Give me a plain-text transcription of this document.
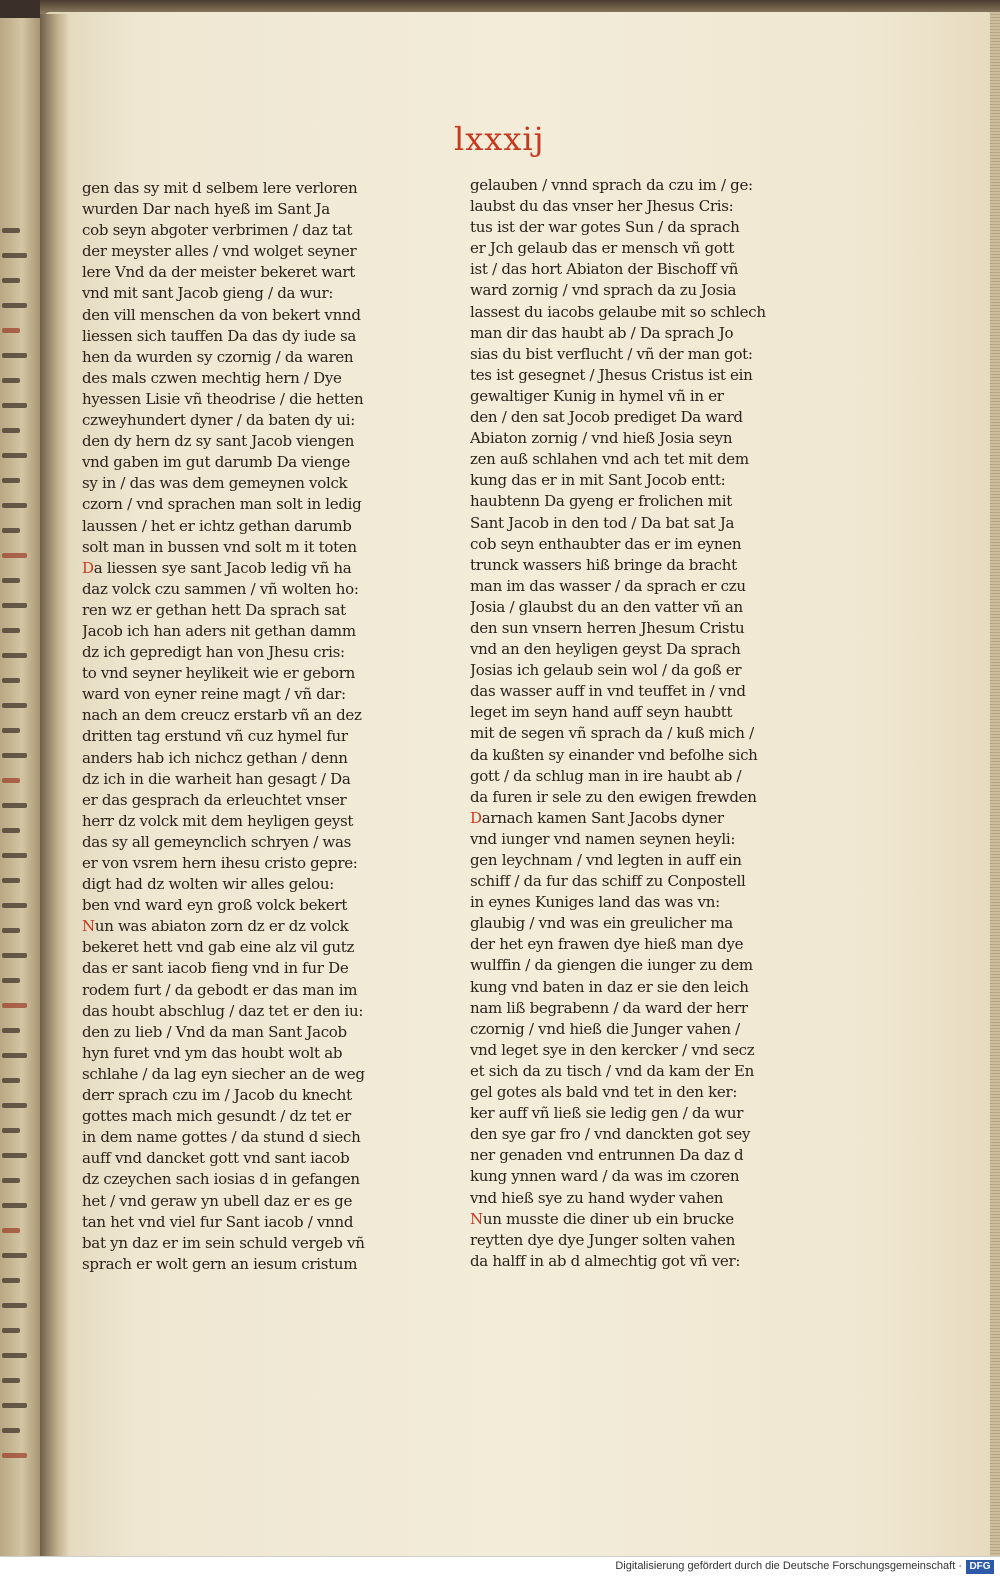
lxxxij
gen das sy mit d selbem lere verloren
wurden Dar nach hyeß im Sant Ja
cob seyn abgoter verbrimen / daz tat
der meyster alles / vnd wolget seyner
lere Vnd da der meister bekeret wart
vnd mit sant Jacob gieng / da wur:
den vill menschen da von bekert vnnd
liessen sich tauffen Da das dy iude sa
hen da wurden sy czornig / da waren
des mals czwen mechtig hern / Dye
hyessen Lisie vñ theodrise / die hetten
czweyhundert dyner / da baten dy ui:
den dy hern dz sy sant Jacob viengen
vnd gaben im gut darumb Da vienge
sy in / das was dem gemeynen volck
czorn / vnd sprachen man solt in ledig
laussen / het er ichtz gethan darumb
solt man in bussen vnd solt m it toten
Da liessen sye sant Jacob ledig vñ ha
daz volck czu sammen / vñ wolten ho:
ren wz er gethan hett Da sprach sat
Jacob ich han aders nit gethan damm
dz ich gepredigt han von Jhesu cris:
to vnd seyner heylikeit wie er geborn
ward von eyner reine magt / vñ dar:
nach an dem creucz erstarb vñ an dez
dritten tag erstund vñ cuz hymel fur
anders hab ich nichcz gethan / denn
dz ich in die warheit han gesagt / Da
er das gesprach da erleuchtet vnser
herr dz volck mit dem heyligen geyst
das sy all gemeynclich schryen / was
er von vsrem hern ihesu cristo gepre:
digt had dz wolten wir alles gelou:
ben vnd ward eyn groß volck bekert
Nun was abiaton zorn dz er dz volck
bekeret hett vnd gab eine alz vil gutz
das er sant iacob fieng vnd in fur De
rodem furt / da gebodt er das man im
das houbt abschlug / daz tet er den iu:
den zu lieb / Vnd da man Sant Jacob
hyn furet vnd ym das houbt wolt ab
schlahe / da lag eyn siecher an de weg
derr sprach czu im / Jacob du knecht
gottes mach mich gesundt / dz tet er
in dem name gottes / da stund d siech
auff vnd dancket gott vnd sant iacob
dz czeychen sach iosias d in gefangen
het / vnd geraw yn ubell daz er es ge
tan het vnd viel fur Sant iacob / vnnd
bat yn daz er im sein schuld vergeb vñ
sprach er wolt gern an iesum cristum
gelauben / vnnd sprach da czu im / ge:
laubst du das vnser her Jhesus Cris:
tus ist der war gotes Sun / da sprach
er Jch gelaub das er mensch vñ gott
ist / das hort Abiaton der Bischoff vñ
ward zornig / vnd sprach da zu Josia
lassest du iacobs gelaube mit so schlech
man dir das haubt ab / Da sprach Jo
sias du bist verflucht / vñ der man got:
tes ist gesegnet / Jhesus Cristus ist ein
gewaltiger Kunig in hymel vñ in er
den / den sat Jocob prediget Da ward
Abiaton zornig / vnd hieß Josia seyn
zen auß schlahen vnd ach tet mit dem
kung das er in mit Sant Jocob entt:
haubtenn Da gyeng er frolichen mit
Sant Jacob in den tod / Da bat sat Ja
cob seyn enthaubter das er im eynen
trunck wassers hiß bringe da bracht
man im das wasser / da sprach er czu
Josia / glaubst du an den vatter vñ an
den sun vnsern herren Jhesum Cristu
vnd an den heyligen geyst Da sprach
Josias ich gelaub sein wol / da goß er
das wasser auff in vnd teuffet in / vnd
leget im seyn hand auff seyn haubtt
mit de segen vñ sprach da / kuß mich /
da kußten sy einander vnd befolhe sich
gott / da schlug man in ire haubt ab /
da furen ir sele zu den ewigen frewden
Darnach kamen Sant Jacobs dyner
vnd iunger vnd namen seynen heyli:
gen leychnam / vnd legten in auff ein
schiff / da fur das schiff zu Conpostell
in eynes Kuniges land das was vn:
glaubig / vnd was ein greulicher ma
der het eyn frawen dye hieß man dye
wulffin / da giengen die iunger zu dem
kung vnd baten in daz er sie den leich
nam liß begrabenn / da ward der herr
czornig / vnd hieß die Junger vahen /
vnd leget sye in den kercker / vnd secz
et sich da zu tisch / vnd da kam der En
gel gotes als bald vnd tet in den ker:
ker auff vñ ließ sie ledig gen / da wur
den sye gar fro / vnd danckten got sey
ner genaden vnd entrunnen Da daz d
kung ynnen ward / da was im czoren
vnd hieß sye zu hand wyder vahen
Nun musste die diner ub ein brucke
reytten dye dye Junger solten vahen
da halff in ab d almechtig got vñ ver:
Digitalisierung gefördert durch die Deutsche Forschungsgemeinschaft · DFG
